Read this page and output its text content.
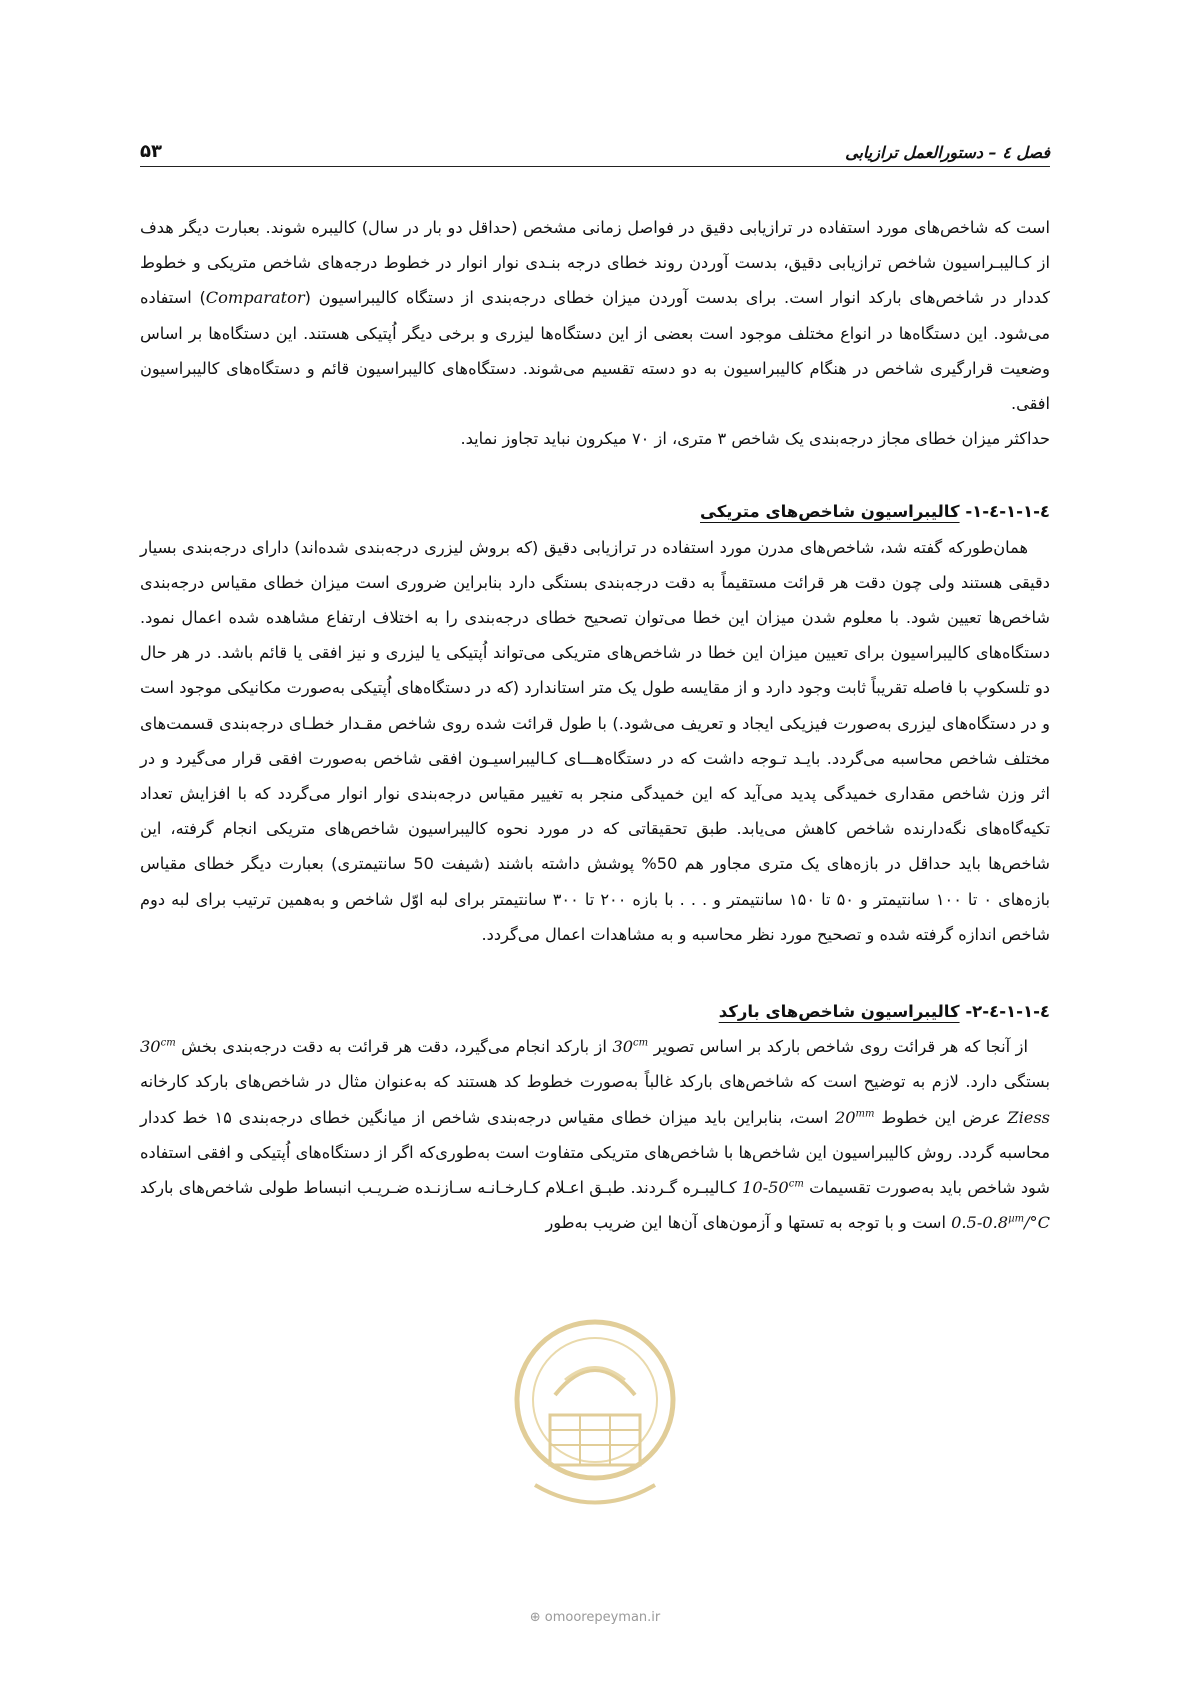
فصل ٤ – دستورالعمل ترازیابی
۵۳

است که شاخص‌های مورد استفاده در ترازیابی دقیق در فواصل زمانی مشخص (حداقل دو بار در سال) کالیبره شوند. بعبارت دیگر هدف از کـالیبـراسیون شاخص ترازیابی دقیق، بدست آوردن روند خطای درجه بنـدی نوار انوار در خطوط درجه‌های شاخص متریکی و خطوط کددار در شاخص‌های بارکد انوار است. برای بدست آوردن میزان خطای درجه‌بندی از دستگاه کالیبراسیون (Comparator) استفاده می‌شود. این دستگاه‌ها در انواع مختلف موجود است بعضی از این دستگاه‌ها لیزری و برخی دیگر اُپتیکی هستند. این دستگاه‌ها بر اساس وضعیت قرارگیری شاخص در هنگام کالیبراسیون به دو دسته تقسیم می‌شوند. دستگاه‌های کالیبراسیون قائم و دستگاه‌های کالیبراسیون افقی.

حداکثر میزان خطای مجاز درجه‌بندی یک شاخص ۳ متری، از ۷۰ میکرون نباید تجاوز نماید.

٤-١-١-٤-١- کالیبراسیون شاخص‌های متریکی

همان‌طورکه گفته شد، شاخص‌های مدرن مورد استفاده در ترازیابی دقیق (که بروش لیزری درجه‌بندی شده‌اند) دارای درجه‌بندی بسیار دقیقی هستند ولی چون دقت هر قرائت مستقیماً به دقت درجه‌بندی بستگی دارد بنابراین ضروری است میزان خطای مقیاس درجه‌بندی شاخص‌ها تعیین شود. با معلوم شدن میزان این خطا می‌توان تصحیح خطای درجه‌بندی را به اختلاف ارتفاع مشاهده شده اعمال نمود. دستگاه‌های کالیبراسیون برای تعیین میزان این خطا در شاخص‌های متریکی می‌تواند اُپتیکی یا لیزری و نیز افقی یا قائم باشد. در هر حال دو تلسکوپ با فاصله تقریباً ثابت وجود دارد و از مقایسه طول یک متر استاندارد (که در دستگاه‌های اُپتیکی به‌صورت مکانیکی موجود است و در دستگاه‌های لیزری به‌صورت فیزیکی ایجاد و تعریف می‌شود.) با طول قرائت شده روی شاخص مقـدار خطـای درجه‌بندی قسمت‌های مختلف شاخص محاسبه می‌گردد. بایـد تـوجه داشت که در دستگاه‌هـــای کـالیبراسیـون افقی شاخص به‌صورت افقی قرار می‌گیرد و در اثر وزن شاخص مقداری خمیدگی پدید می‌آید که این خمیدگی منجر به تغییر مقیاس درجه‌بندی نوار انوار می‌گردد که با افزایش تعداد تکیه‌گاه‌های نگه‌دارنده شاخص کاهش می‌یابد. طبق تحقیقاتی که در مورد نحوه کالیبراسیون شاخص‌های متریکی انجام گرفته، این شاخص‌ها باید حداقل در بازه‌های یک متری مجاور هم 50% پوشش داشته باشند (شیفت 50 سانتیمتری) بعبارت دیگر خطای مقیاس بازه‌های ۰ تا ۱۰۰ سانتیمتر و ۵۰ تا ۱۵۰ سانتیمتر و . . . با بازه ۲۰۰ تا ۳۰۰ سانتیمتر برای لبه اوّل شاخص و به‌همین ترتیب برای لبه دوم شاخص اندازه گرفته شده و تصحیح مورد نظر محاسبه و به مشاهدات اعمال می‌گردد.

٤-١-١-٤-٢- کالیبراسیون شاخص‌های بارکد

از آنجا که هر قرائت روی شاخص بارکد بر اساس تصویر $30^{cm}$ از بارکد انجام می‌گیرد، دقت هر قرائت به دقت درجه‌بندی بخش $30^{cm}$ بستگی دارد. لازم به توضیح است که شاخص‌های بارکد غالباً به‌صورت خطوط کد هستند که به‌عنوان مثال در شاخص‌های بارکد کارخانه Ziess عرض این خطوط $20^{mm}$ است، بنابراین باید میزان خطای مقیاس درجه‌بندی شاخص از میانگین خطای درجه‌بندی ۱۵ خط کددار محاسبه گردد. روش کالیبراسیون این شاخص‌ها با شاخص‌های متریکی متفاوت است به‌طوری‌که اگر از دستگاه‌های اُپتیکی و افقی استفاده شود شاخص باید به‌صورت تقسیمات $10-50^{cm}$ کـالیبـره گـردند. طبـق اعـلام کـارخـانـه سـازنـده ضـریـب انبساط طولی شاخص‌های بارکد $0.5-0.8^{\mu m}/^\circ C$ است و با توجه به تستها و آزمون‌های آن‌ها این ضریب به‌طور

⊕ omoorepeyman.ir
